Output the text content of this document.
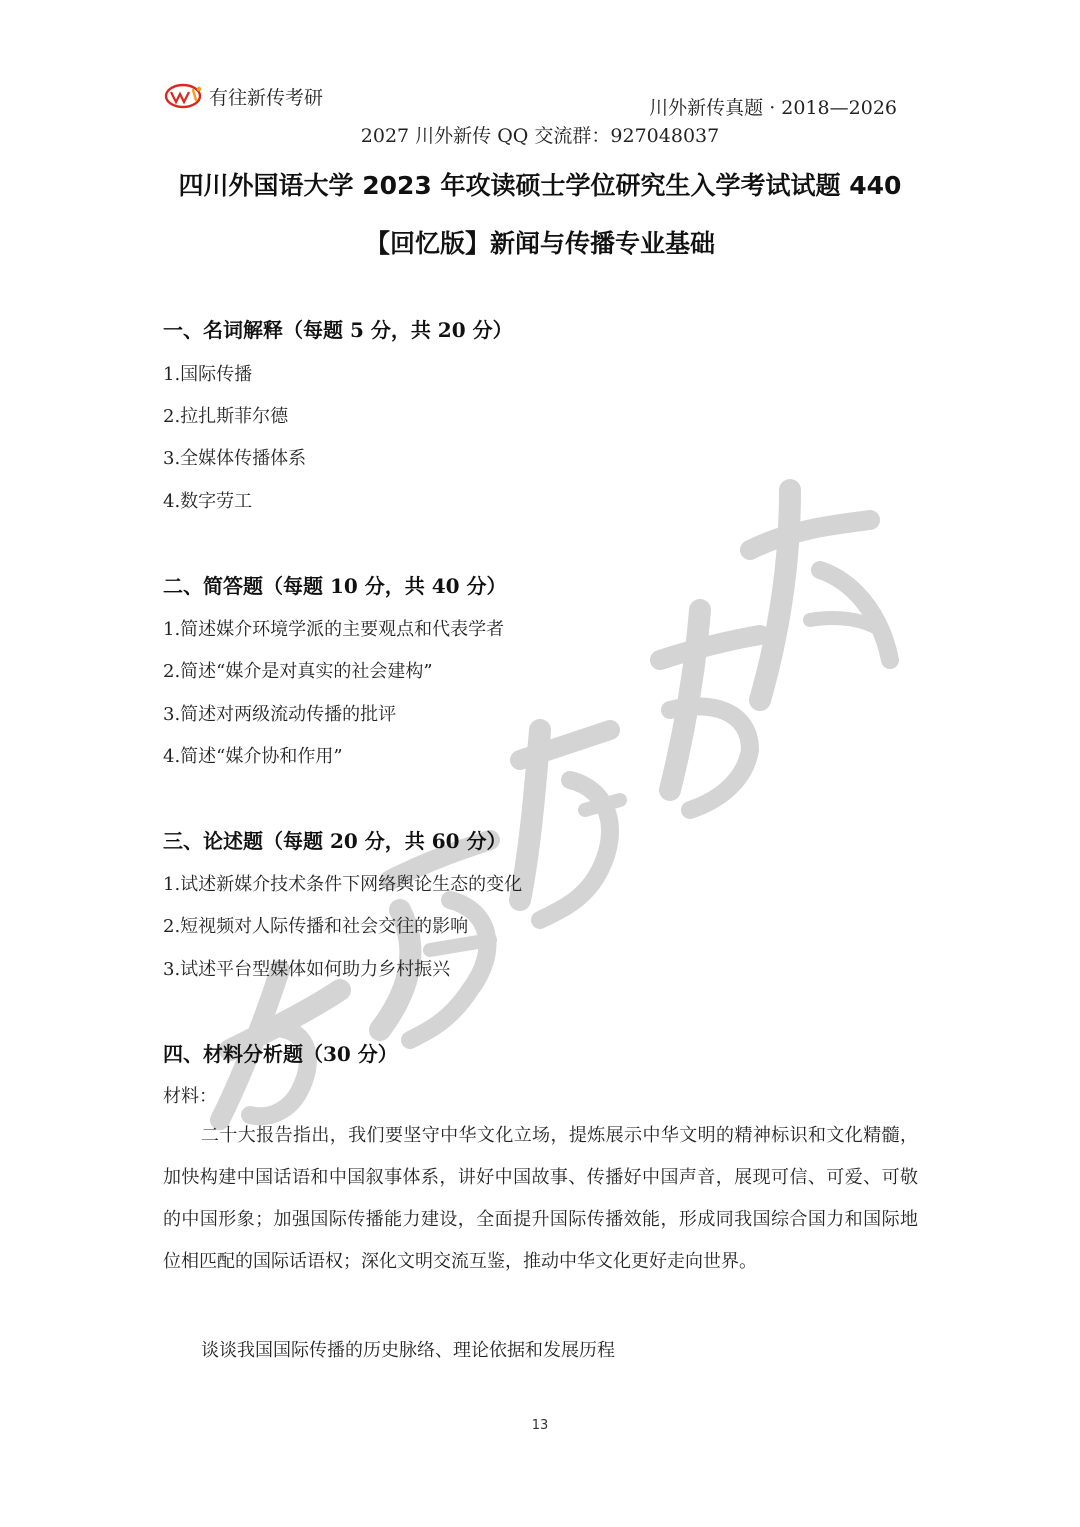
有往新传考研	川外新传真题 · 2018—2026
2027 川外新传 QQ 交流群：927048037
四川外国语大学 2023 年攻读硕士学位研究生入学考试试题 440
【回忆版】新闻与传播专业基础
一、名词解释（每题 5 分，共 20 分）
1.国际传播
2.拉扎斯菲尔德
3.全媒体传播体系
4.数字劳工
二、简答题（每题 10 分，共 40 分）
1.简述媒介环境学派的主要观点和代表学者
2.简述“媒介是对真实的社会建构”
3.简述对两级流动传播的批评
4.简述“媒介协和作用”
三、论述题（每题 20 分，共 60 分）
1.试述新媒介技术条件下网络舆论生态的变化
2.短视频对人际传播和社会交往的影响
3.试述平台型媒体如何助力乡村振兴
四、材料分析题（30 分）
材料：
二十大报告指出，我们要坚守中华文化立场，提炼展示中华文明的精神标识和文化精髓，加快构建中国话语和中国叙事体系，讲好中国故事、传播好中国声音，展现可信、可爱、可敬的中国形象；加强国际传播能力建设，全面提升国际传播效能，形成同我国综合国力和国际地位相匹配的国际话语权；深化文明交流互鉴，推动中华文化更好走向世界。
谈谈我国国际传播的历史脉络、理论依据和发展历程
13
